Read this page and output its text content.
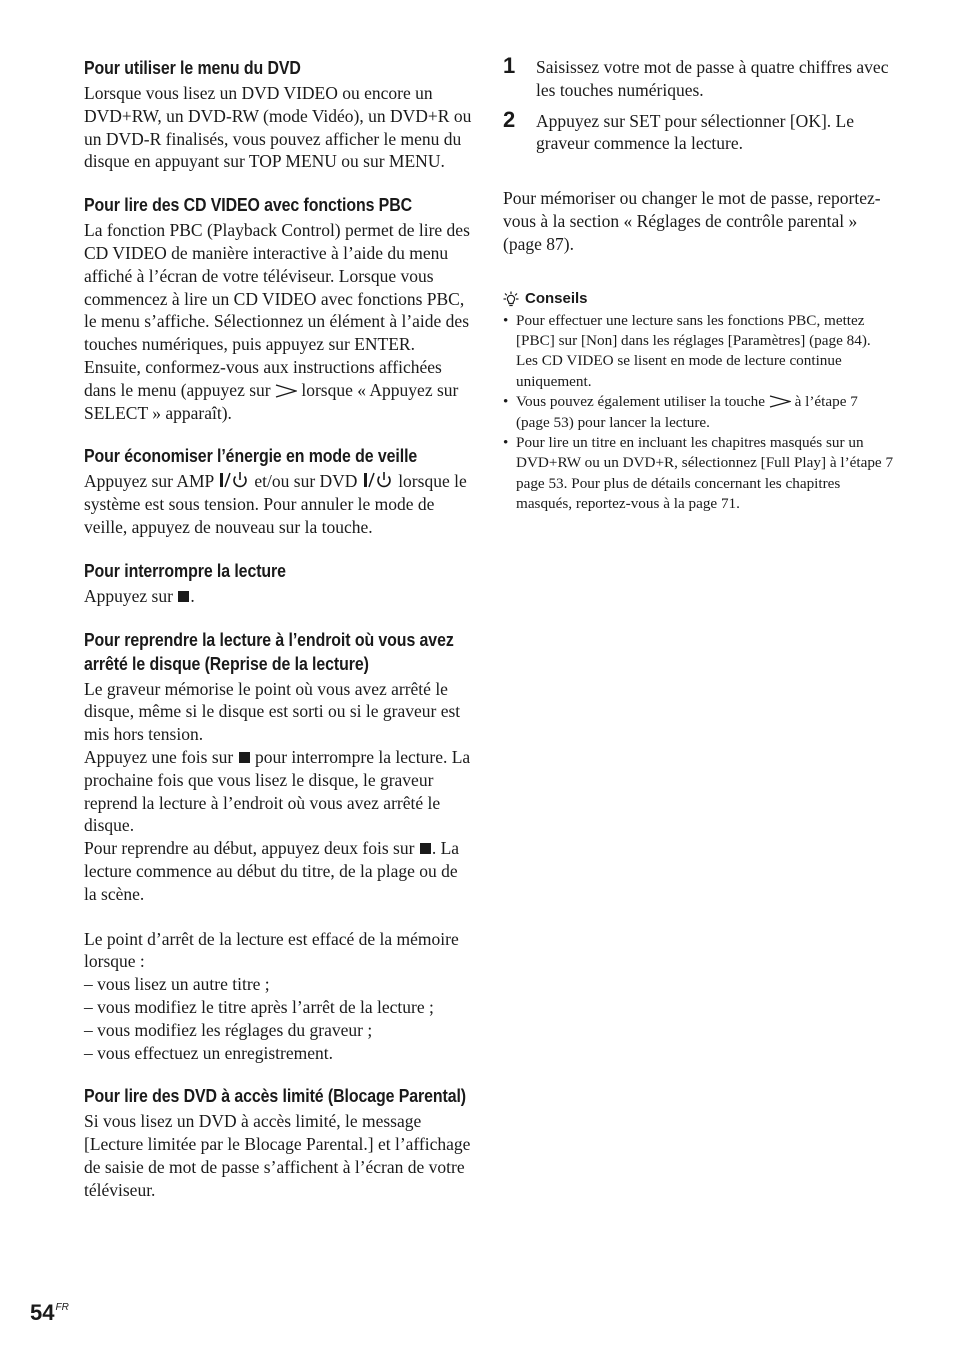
Pour utiliser le menu du DVD

Lorsque vous lisez un DVD VIDEO ou encore un DVD+RW, un DVD-RW (mode Vidéo), un DVD+R ou un DVD-R finalisés, vous pouvez afficher le menu du disque en appuyant sur TOP MENU ou sur MENU.

Pour lire des CD VIDEO avec fonctions PBC

La fonction PBC (Playback Control) permet de lire des CD VIDEO de manière interactive à l’aide du menu affiché à l’écran de votre téléviseur. Lorsque vous commencez à lire un CD VIDEO avec fonctions PBC, le menu s’affiche. Sélectionnez un élément à l’aide des touches numériques, puis appuyez sur ENTER. Ensuite, conformez-vous aux instructions affichées dans le menu (appuyez sur lorsque « Appuyez sur SELECT » apparaît).

Pour économiser l’énergie en mode de veille

Appuyez sur AMP et/ou sur DVD lorsque le système est sous tension. Pour annuler le mode de veille, appuyez de nouveau sur la touche.

Pour interrompre la lecture

Appuyez sur .

Pour reprendre la lecture à l’endroit où vous avez arrêté le disque (Reprise de la lecture)

Le graveur mémorise le point où vous avez arrêté le disque, même si le disque est sorti ou si le graveur est mis hors tension.

Appuyez une fois sur pour interrompre la lecture. La prochaine fois que vous lisez le disque, le graveur reprend la lecture à l’endroit où vous avez arrêté le disque.

Pour reprendre au début, appuyez deux fois sur . La lecture commence au début du titre, de la plage ou de la scène.

Le point d’arrêt de la lecture est effacé de la mémoire lorsque :

– vous lisez un autre titre ;

– vous modifiez le titre après l’arrêt de la lecture ;

– vous modifiez les réglages du graveur ;

– vous effectuez un enregistrement.

Pour lire des DVD à accès limité (Blocage Parental)

Si vous lisez un DVD à accès limité, le message [Lecture limitée par le Blocage Parental.] et l’affichage de saisie de mot de passe s’affichent à l’écran de votre téléviseur.

1 Saisissez votre mot de passe à quatre chiffres avec les touches numériques.

2 Appuyez sur SET pour sélectionner [OK]. Le graveur commence la lecture.

Pour mémoriser ou changer le mot de passe, reportez-vous à la section « Réglages de contrôle parental » (page 87).

Conseils
• Pour effectuer une lecture sans les fonctions PBC, mettez [PBC] sur [Non] dans les réglages [Paramètres] (page 84). Les CD VIDEO se lisent en mode de lecture continue uniquement.
• Vous pouvez également utiliser la touche à l’étape 7 (page 53) pour lancer la lecture.
• Pour lire un titre en incluant les chapitres masqués sur un DVD+RW ou un DVD+R, sélectionnez [Full Play] à l’étape 7 page 53. Pour plus de détails concernant les chapitres masqués, reportez-vous à la page 71.
$54^{FR}$
